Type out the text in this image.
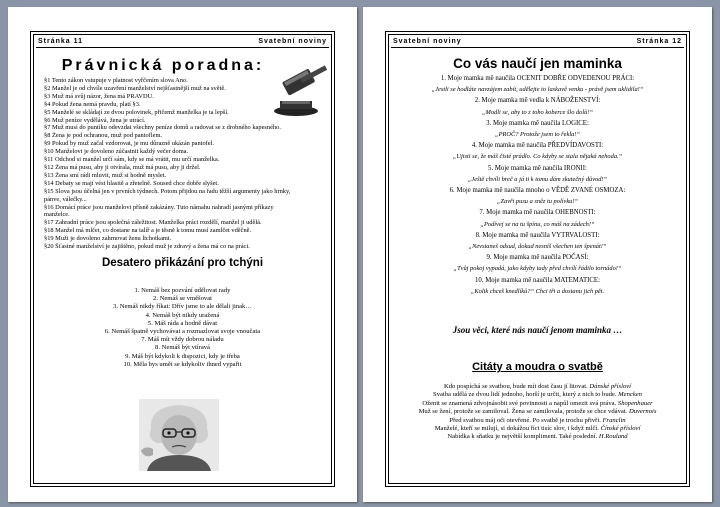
Stránka 11	Svatební noviny
Právnická poradna:
§1 Tento zákon vstupuje v platnost vyřčením slova Ano.
§2 Manžel je od chvíle uzavření manželství nejšťastnější muž na světě.
§3 Muž má svůj názor, žena má PRAVDU.
§4 Pokud žena nemá pravdu, platí §3.
§5 Manželé se skládají ze dvou polovinek, přičemž manželka je ta lepší.
§6 Muž peníze vydělává, žena je utrácí.
§7 Muž musí do puntíku odevzdat všechny peníze domů a radovat se z drobného kapesného.
§8 Žena je pod ochranou, muž pod pantoflem.
§9 Pokud by muž začal vzdorovat, je mu důrazně ukázán pantofel.
§10 Manželovi je dovoleno zúčastnit každý večer doma.
§11 Odchod si manžel určí sám, kdy se má vrátit, mu určí manželka.
§12 Žena má pusu, aby ji otvírala, muž má pusu, aby ji držel.
§13 Žena smí rádi mluvit, muž si hodně myslet.
§14 Debaty se mají vést hlasitě a zřetelně. Soused chce dobře slyšet.
§15 Slova jsou účelná jen v prvních týdnech. Potom přijdou na řadu těžší argumenty jako hrnky, pánve, válečky...
§16 Domácí práce jsou manželovi přísně zakázány. Tuto námahu nahradí jasnými příkazy manželce.
§17 Zahradní práce jsou společná záležitost. Manželka práci rozdělí, manžel ji udělá.
§18 Manžel má mlčet, co dostane na talíř a je těsně k tomu musí zamlčet vděčně.
§19 Muži je dovoleno zahrnovat ženu lichotkami.
§20 Šťastné manželství je zajištěno, pokud muž je zdravý a žena má co na práci.
Desatero přikázání pro tchýni
1. Nemáš bez pozvání udělovat rady
2. Nemáš se vměšovat
3. Nemáš nikdy říkat: Dřív jsme to ale dělali jinak…
4. Nemáš být nikdy uražená
5. Máš ráda a hodně dávat
6. Nemáš špatně vychovávat a rozmazlovat svoje vnoučata
7. Máš mít vždy dobrou náladu
8. Nemáš být vtíravá
9. Máš být kdykoli k dispozici, kdy je třeba
10. Měla bys umět se kdykoliv ihned vypařit
Svatební noviny	Stránka 12
Co vás naučí jen maminka
1. Moje mamka mě naučila OCENIT DOBŘE ODVEDENOU PRÁCI:
„Jestli se hodláte navzájem zabít, udělejte to laskavě venku - právě jsem uklidila!“
2. Moje mamka mě vedla k NÁBOŽENSTVÍ:
„Modli se, aby to z toho koberce šlo dolů!“
3. Moje mamka mě naučila LOGICE:
„PROČ? Protože jsem to řekla!“
4. Moje mamka mě naučila PŘEDVÍDAVOSTI:
„Ujisti se, že máš čisté prádlo. Co kdyby se stala nějaká nehoda.“
5. Moje mamka mě naučila IRONII:
„Ještě chvíli breč a já ti k tomu dám skutečný důvod!“
6. Moje mamka mě naučila mnoho o VĚDĚ ZVANÉ OSMOZA:
„Zavři pusu a sněz tu polívku!“
7. Moje mamka mě naučila OHEBNOSTI:
„Podívej se na tu špínu, co máš na zádech!“
8. Moje mamka mě naučila VYTRVALOSTI:
„Nevstaneš odsud, dokud nesníš všechen ten špenát!“
9. Moje mamka mě naučila POČASÍ:
„Tvůj pokoj vypadá, jako kdyby tady před chvílí řádilo tornádo!“
10. Moje mamka mě naučila MATEMATICE:
„Kolik chceš knedlíků?“ Chci tři a dostanu jich pět.
Jsou věci, které nás naučí jenom maminka …
Citáty a moudra o svatbě
Kdo pospíchá se svatbou, bude mít dost času jí litovat. Dánské přísloví
Svatba udělá ze dvou lidí jednoho, horší je určit, který z nich to bude. Mencken
Oženit se znamená zdvojnásobit své povinnosti a napůl omezit svá práva. Shopenhauer
Muž se žení, protože se zamiloval. Žena se zamilovala, protože se chce vdávat. Duvernois
Před svatbou máj oči otevřené. Po svatbě je trochu přivři. Franclin
Manželé, kteří se milují, si dokážou říct tisíc slov, i když mlčí. Čínské přísloví
Nabídka k sňatku je největší kompliment. Také poslední. H.Rouland
